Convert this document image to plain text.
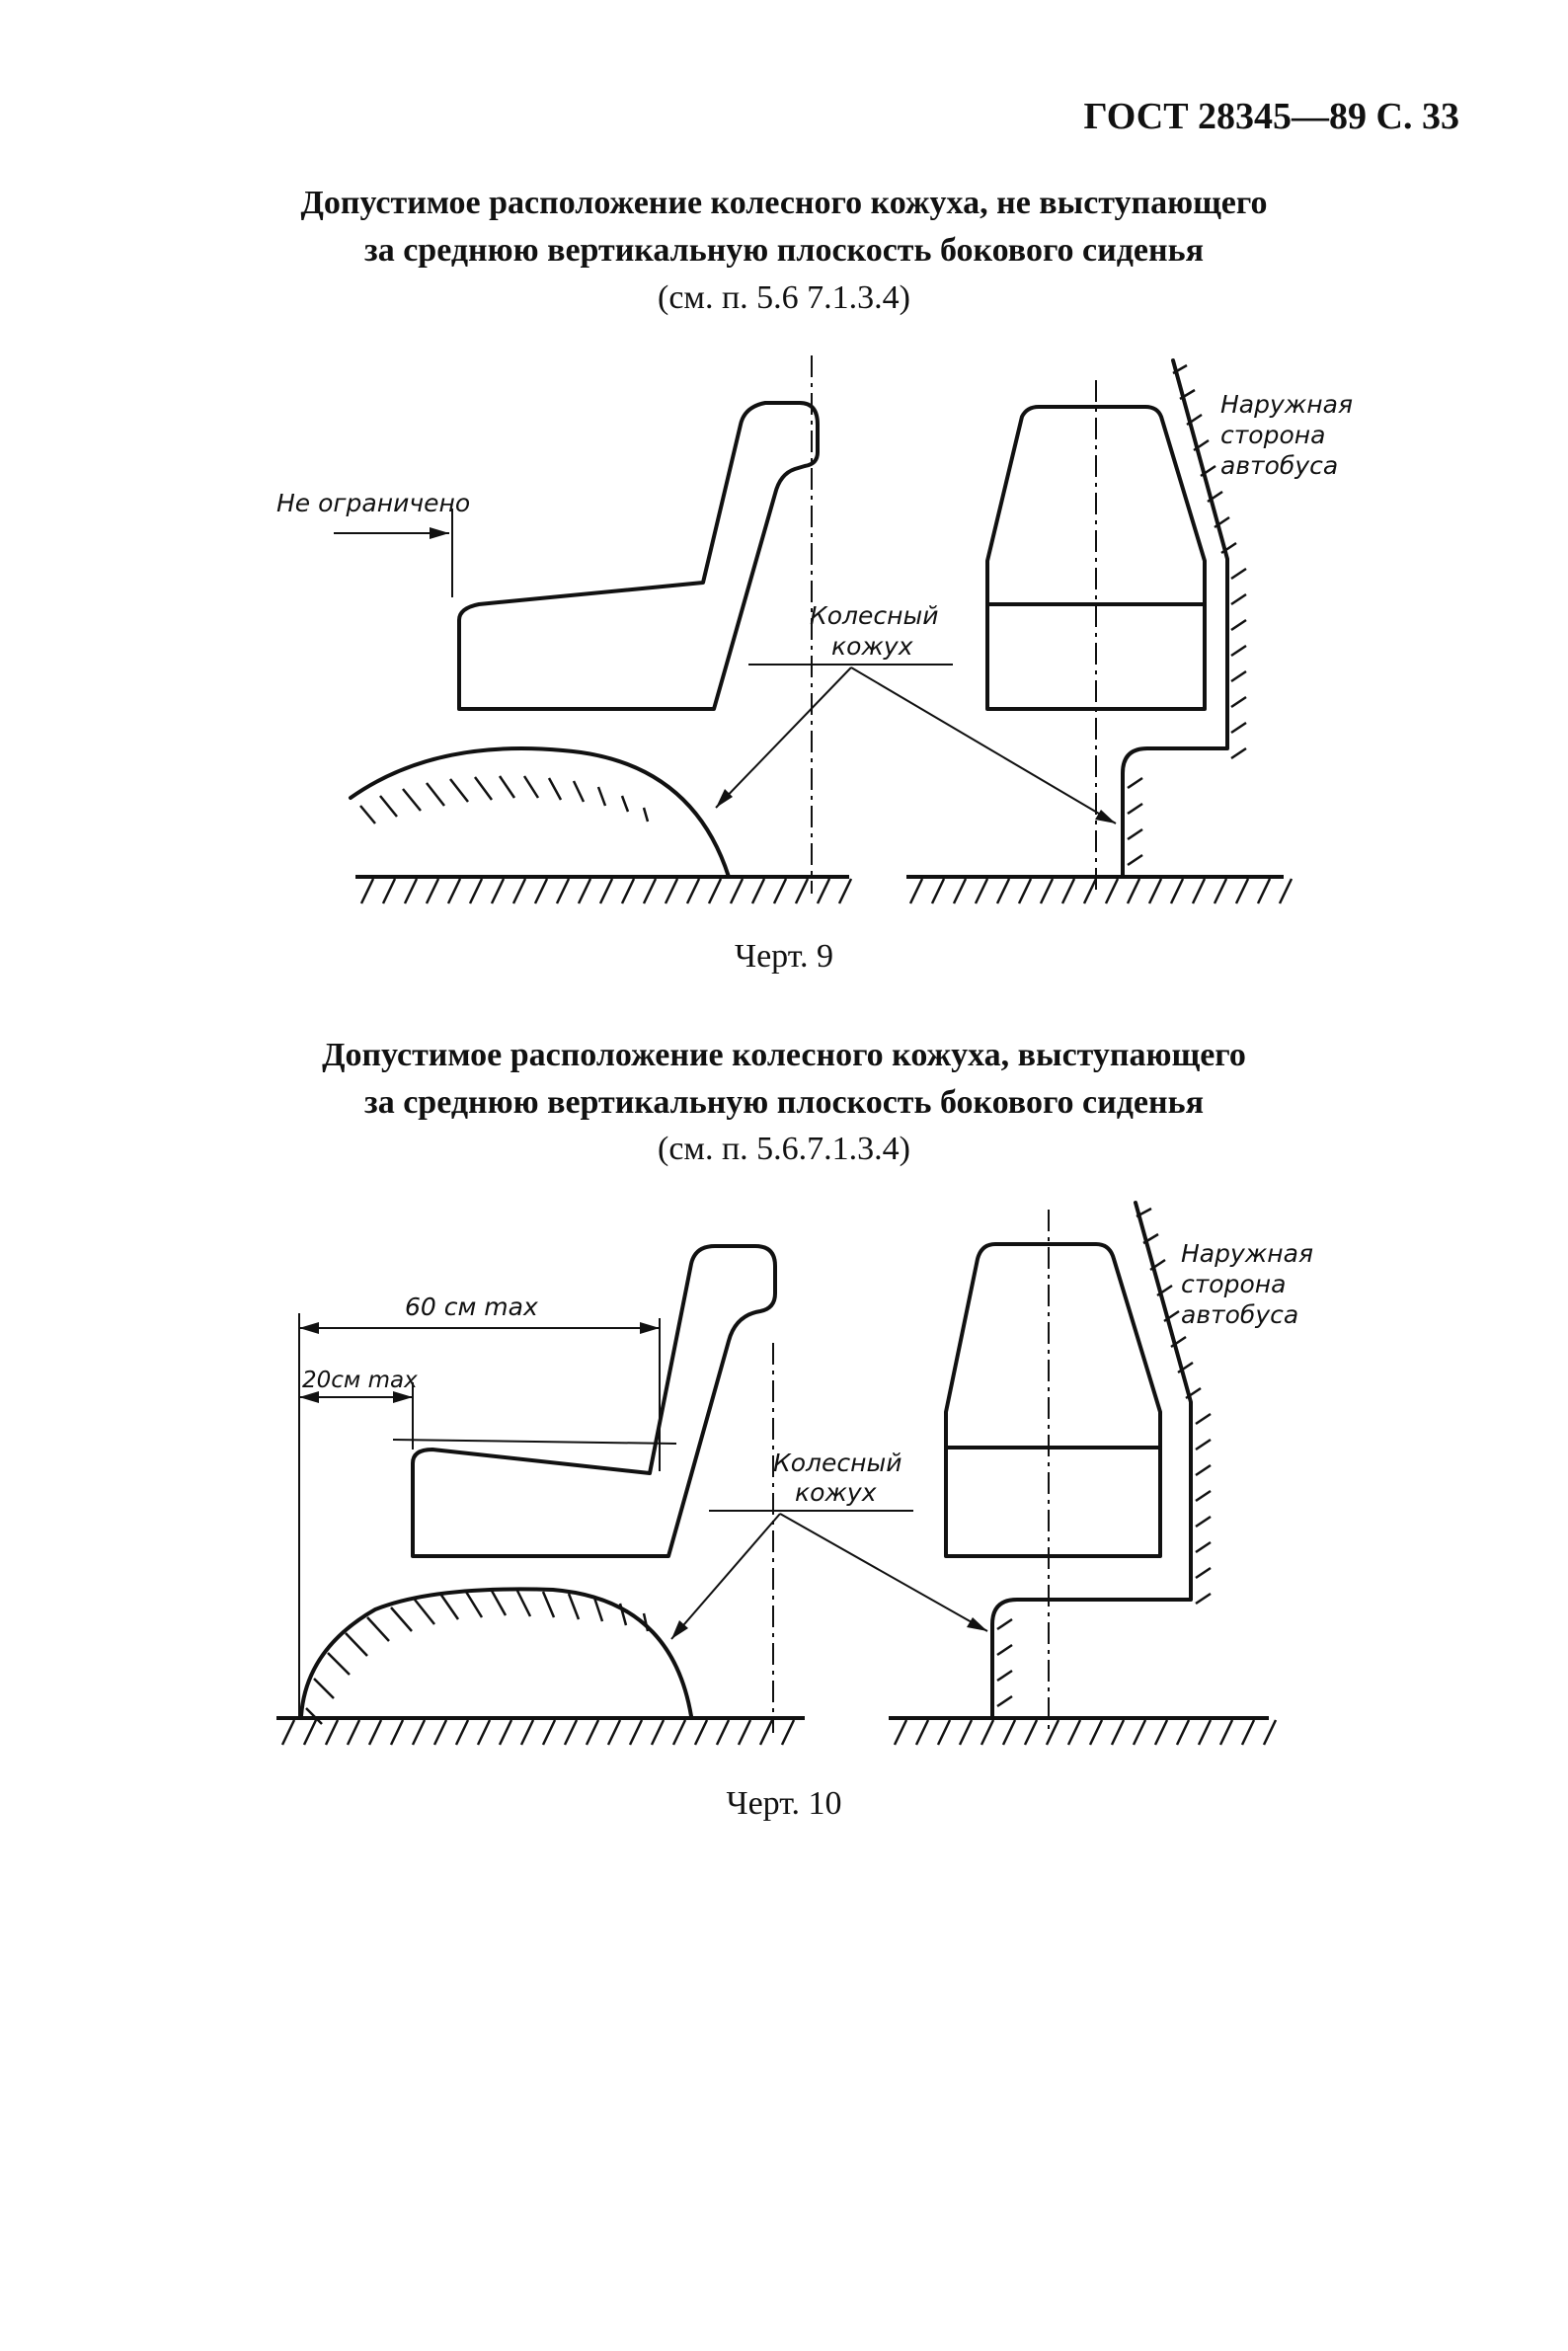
ГОСТ 28345—89 С. 33
Допустимое расположение колесного кожуха, не выступающего
за среднюю вертикальную плоскость бокового сиденья
(см. п. 5.6 7.1.3.4)
Не ограничено
Колесный
кожух
Наружная
сторона
автобуса
Черт. 9
Допустимое расположение колесного кожуха, выступающего
за среднюю вертикальную плоскость бокового сиденья
(см. п. 5.6.7.1.3.4)
60 см max
20см max
Колесный
кожух
Наружная
сторона
автобуса
Черт. 10
